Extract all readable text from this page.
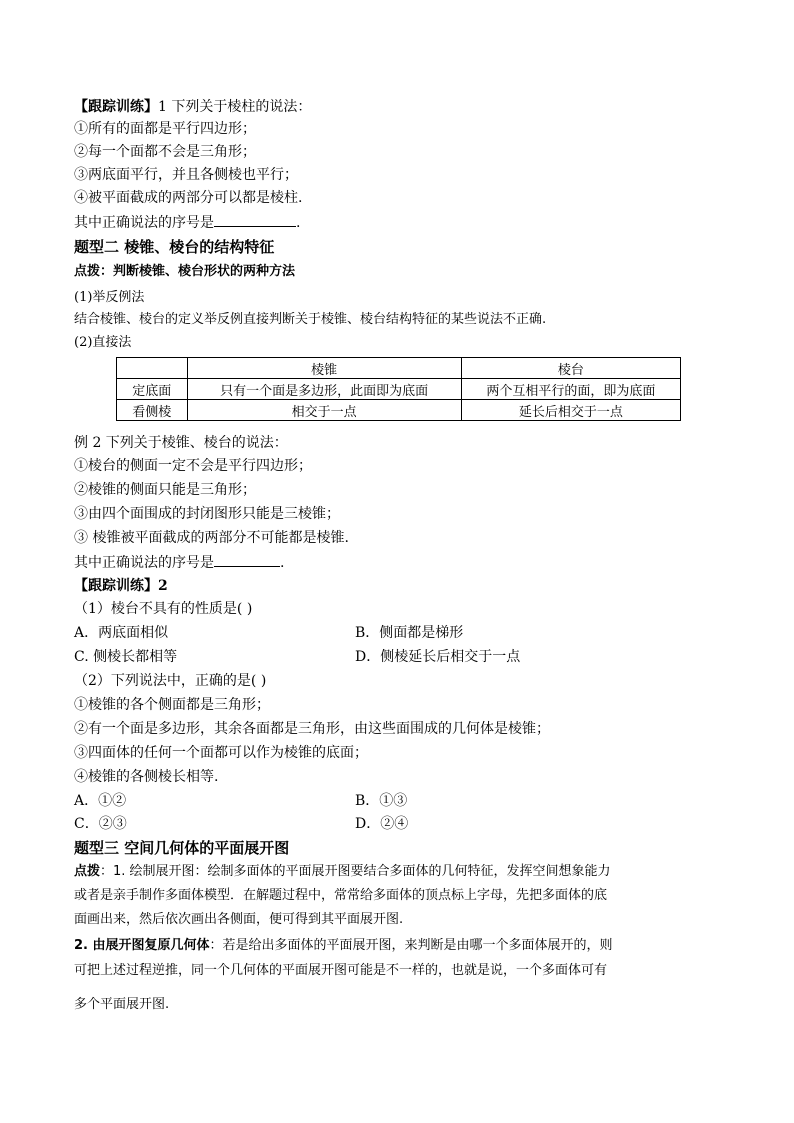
【跟踪训练】1 下列关于棱柱的说法：
①所有的面都是平行四边形；
②每一个面都不会是三角形；
③两底面平行，并且各侧棱也平行；
④被平面截成的两部分可以都是棱柱.
其中正确说法的序号是	.
题型二 棱锥、棱台的结构特征
点拨：判断棱锥、棱台形状的两种方法
(1)举反例法
结合棱锥、棱台的定义举反例直接判断关于棱锥、棱台结构特征的某些说法不正确.
(2)直接法
	棱锥	棱台
定底面	只有一个面是多边形，此面即为底面	两个互相平行的面，即为底面
看侧棱	相交于一点	延长后相交于一点
例 2 下列关于棱锥、棱台的说法：
①棱台的侧面一定不会是平行四边形；
②棱锥的侧面只能是三角形；
③由四个面围成的封闭图形只能是三棱锥；
③ 棱锥被平面截成的两部分不可能都是棱锥.
其中正确说法的序号是	.
【跟踪训练】2
（1）棱台不具有的性质是( )
A．两底面相似	B．侧面都是梯形
C. 侧棱长都相等	D．侧棱延长后相交于一点
（2）下列说法中，正确的是( )
①棱锥的各个侧面都是三角形；
②有一个面是多边形，其余各面都是三角形，由这些面围成的几何体是棱锥；
③四面体的任何一个面都可以作为棱锥的底面；
④棱锥的各侧棱长相等.
A．①②	B．①③
C．②③	D．②④
题型三 空间几何体的平面展开图
点拨：1. 绘制展开图：绘制多面体的平面展开图要结合多面体的几何特征，发挥空间想象能力
或者是亲手制作多面体模型．在解题过程中，常常给多面体的顶点标上字母，先把多面体的底
面画出来，然后依次画出各侧面，便可得到其平面展开图.
2. 由展开图复原几何体：若是给出多面体的平面展开图，来判断是由哪一个多面体展开的，则
可把上述过程逆推，同一个几何体的平面展开图可能是不一样的，也就是说，一个多面体可有
多个平面展开图.
